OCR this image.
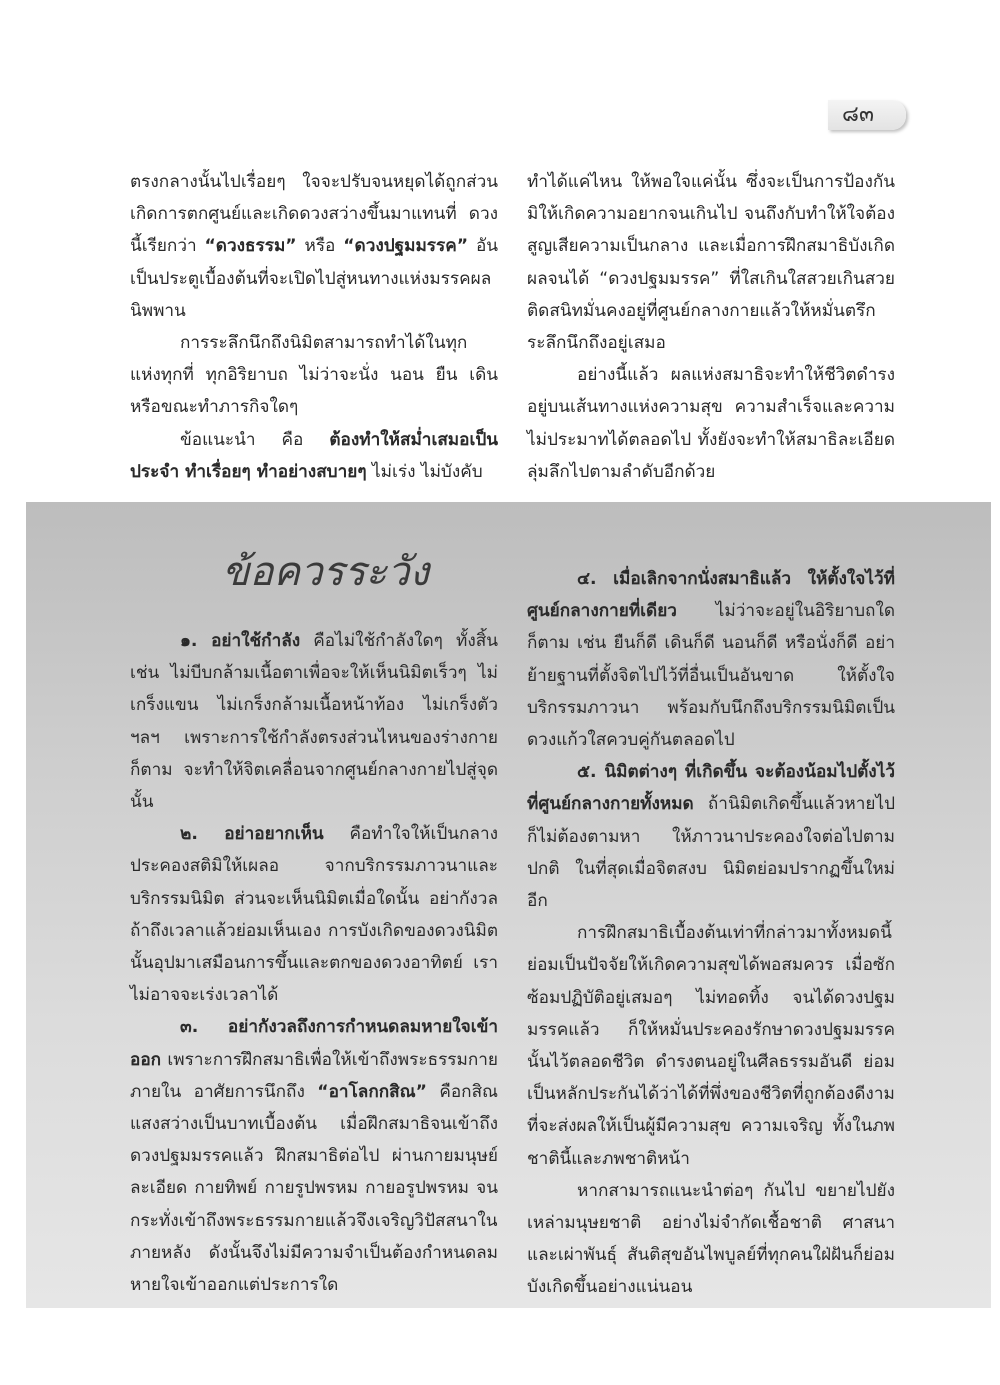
๘๓

ตรงกลางนั้นไปเรื่อยๆ ใจจะปรับจนหยุดได้ถูกส่วน เกิดการตกศูนย์และเกิดดวงสว่างขึ้นมาแทนที่ ดวงนี้เรียกว่า “ดวงธรรม” หรือ “ดวงปฐมมรรค” อันเป็นประตูเบื้องต้นที่จะเปิดไปสู่หนทางแห่งมรรคผลนิพพาน

การระลึกนึกถึงนิมิตสามารถทำได้ในทุกแห่งทุกที่ ทุกอิริยาบถ ไม่ว่าจะนั่ง นอน ยืน เดิน หรือขณะทำภารกิจใดๆ

ข้อแนะนำ คือ ต้องทำให้สม่ำเสมอเป็นประจำ ทำเรื่อยๆ ทำอย่างสบายๆ ไม่เร่ง ไม่บังคับ

ทำได้แค่ไหน ให้พอใจแค่นั้น ซึ่งจะเป็นการป้องกันมิให้เกิดความอยากจนเกินไป จนถึงกับทำให้ใจต้องสูญเสียความเป็นกลาง และเมื่อการฝึกสมาธิบังเกิดผลจนได้ “ดวงปฐมมรรค” ที่ใสเกินใสสวยเกินสวย ติดสนิทมั่นคงอยู่ที่ศูนย์กลางกายแล้วให้หมั่นตรึกระลึกนึกถึงอยู่เสมอ

อย่างนี้แล้ว ผลแห่งสมาธิจะทำให้ชีวิตดำรงอยู่บนเส้นทางแห่งความสุข ความสำเร็จและความไม่ประมาทได้ตลอดไป ทั้งยังจะทำให้สมาธิละเอียดลุ่มลึกไปตามลำดับอีกด้วย

ข้อควรระวัง

๑. อย่าใช้กำลัง คือไม่ใช้กำลังใดๆ ทั้งสิ้น เช่น ไม่บีบกล้ามเนื้อตาเพื่อจะให้เห็นนิมิตเร็วๆ ไม่เกร็งแขน ไม่เกร็งกล้ามเนื้อหน้าท้อง ไม่เกร็งตัว ฯลฯ เพราะการใช้กำลังตรงส่วนไหนของร่างกายก็ตาม จะทำให้จิตเคลื่อนจากศูนย์กลางกายไปสู่จุดนั้น

๒. อย่าอยากเห็น คือทำใจให้เป็นกลางประคองสติมิให้เผลอ จากบริกรรมภาวนาและบริกรรมนิมิต ส่วนจะเห็นนิมิตเมื่อใดนั้น อย่ากังวล ถ้าถึงเวลาแล้วย่อมเห็นเอง การบังเกิดของดวงนิมิตนั้นอุปมาเสมือนการขึ้นและตกของดวงอาทิตย์ เราไม่อาจจะเร่งเวลาได้

๓. อย่ากังวลถึงการกำหนดลมหายใจเข้าออก เพราะการฝึกสมาธิเพื่อให้เข้าถึงพระธรรมกายภายใน อาศัยการนึกถึง “อาโลกกสิณ” คือกสิณแสงสว่างเป็นบาทเบื้องต้น เมื่อฝึกสมาธิจนเข้าถึงดวงปฐมมรรคแล้ว ฝึกสมาธิต่อไป ผ่านกายมนุษย์ละเอียด กายทิพย์ กายรูปพรหม กายอรูปพรหม จนกระทั่งเข้าถึงพระธรรมกายแล้วจึงเจริญวิปัสสนาในภายหลัง ดังนั้นจึงไม่มีความจำเป็นต้องกำหนดลมหายใจเข้าออกแต่ประการใด

๔. เมื่อเลิกจากนั่งสมาธิแล้ว ให้ตั้งใจไว้ที่ศูนย์กลางกายที่เดียว ไม่ว่าจะอยู่ในอิริยาบถใดก็ตาม เช่น ยืนก็ดี เดินก็ดี นอนก็ดี หรือนั่งก็ดี อย่าย้ายฐานที่ตั้งจิตไปไว้ที่อื่นเป็นอันขาด ให้ตั้งใจบริกรรมภาวนา พร้อมกับนึกถึงบริกรรมนิมิตเป็นดวงแก้วใสควบคู่กันตลอดไป

๕. นิมิตต่างๆ ที่เกิดขึ้น จะต้องน้อมไปตั้งไว้ที่ศูนย์กลางกายทั้งหมด ถ้านิมิตเกิดขึ้นแล้วหายไปก็ไม่ต้องตามหา ให้ภาวนาประคองใจต่อไปตามปกติ ในที่สุดเมื่อจิตสงบ นิมิตย่อมปรากฏขึ้นใหม่อีก

การฝึกสมาธิเบื้องต้นเท่าที่กล่าวมาทั้งหมดนี้ย่อมเป็นปัจจัยให้เกิดความสุขได้พอสมควร เมื่อซักซ้อมปฏิบัติอยู่เสมอๆ ไม่ทอดทิ้ง จนได้ดวงปฐมมรรคแล้ว ก็ให้หมั่นประคองรักษาดวงปฐมมรรคนั้นไว้ตลอดชีวิต ดำรงตนอยู่ในศีลธรรมอันดี ย่อมเป็นหลักประกันได้ว่าได้ที่พึ่งของชีวิตที่ถูกต้องดีงามที่จะส่งผลให้เป็นผู้มีความสุข ความเจริญ ทั้งในภพชาตินี้และภพชาติหน้า

หากสามารถแนะนำต่อๆ กันไป ขยายไปยังเหล่ามนุษยชาติ อย่างไม่จำกัดเชื้อชาติ ศาสนาและเผ่าพันธุ์ สันติสุขอันไพบูลย์ที่ทุกคนใฝ่ฝันก็ย่อมบังเกิดขึ้นอย่างแน่นอน
